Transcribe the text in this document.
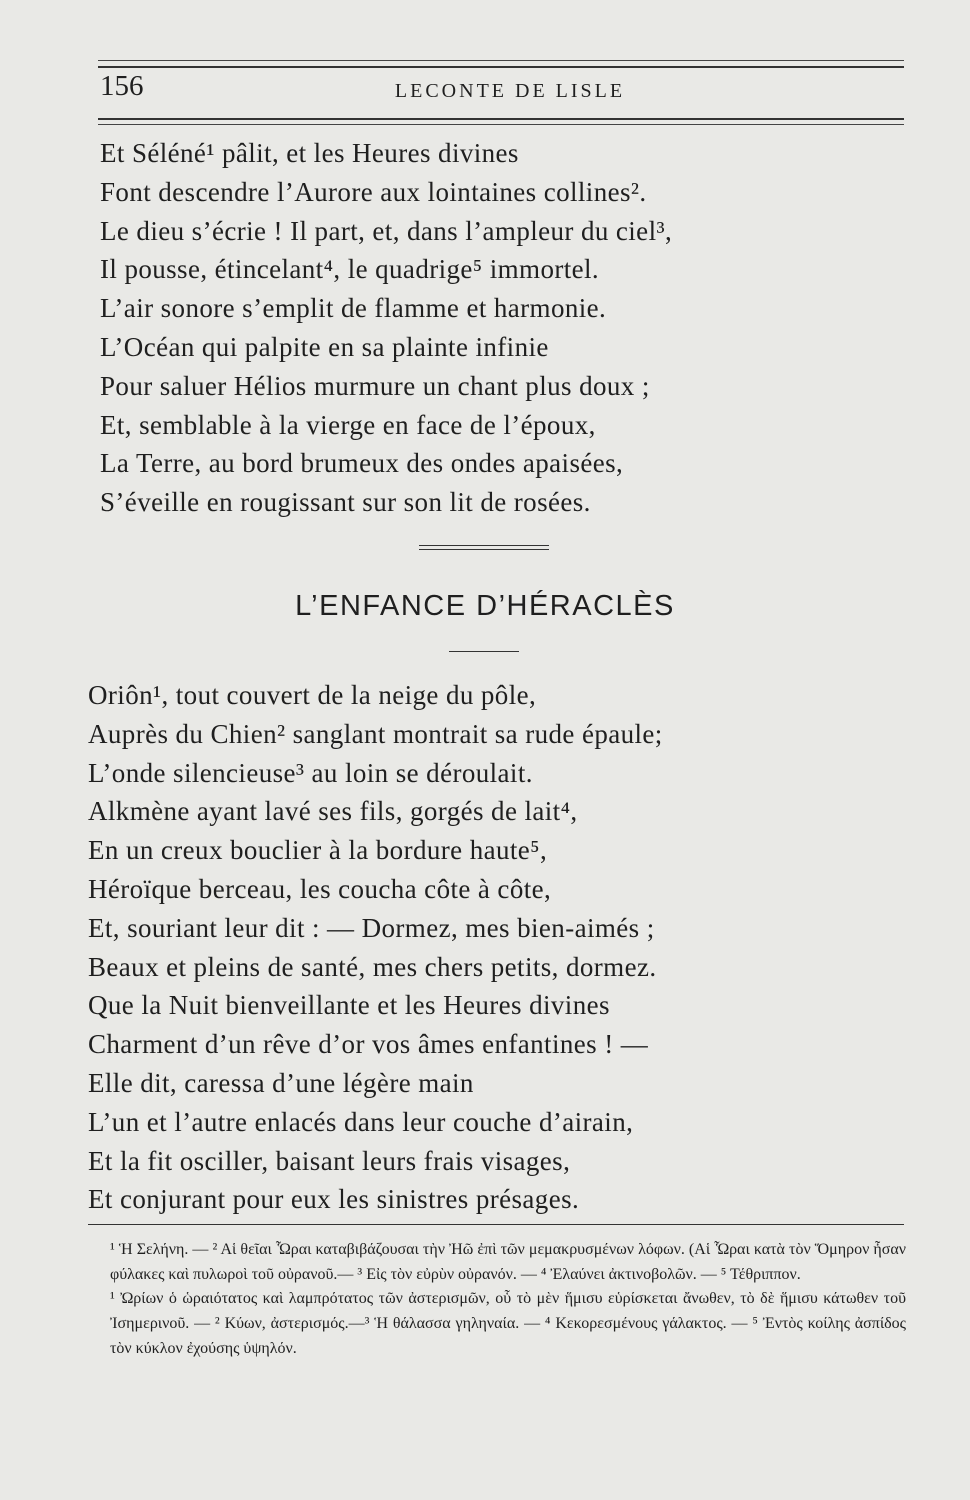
156	LECONTE DE LISLE
Et Séléné¹ pâlit, et les Heures divines
Font descendre l’Aurore aux lointaines collines².
Le dieu s’écrie ! Il part, et, dans l’ampleur du ciel³,
Il pousse, étincelant⁴, le quadrige⁵ immortel.
L’air sonore s’emplit de flamme et harmonie.
L’Océan qui palpite en sa plainte infinie
Pour saluer Hélios murmure un chant plus doux ;
Et, semblable à la vierge en face de l’époux,
La Terre, au bord brumeux des ondes apaisées,
S’éveille en rougissant sur son lit de rosées.
L’ENFANCE D’HÉRACLÈS
Oriôn¹, tout couvert de la neige du pôle,
Auprès du Chien² sanglant montrait sa rude épaule;
L’onde silencieuse³ au loin se déroulait.
Alkmène ayant lavé ses fils, gorgés de lait⁴,
En un creux bouclier à la bordure haute⁵,
Héroïque berceau, les coucha côte à côte,
Et, souriant leur dit : — Dormez, mes bien-aimés ;
Beaux et pleins de santé, mes chers petits, dormez.
Que la Nuit bienveillante et les Heures divines
Charment d’un rêve d’or vos âmes enfantines ! —
Elle dit, caressa d’une légère main
L’un et l’autre enlacés dans leur couche d’airain,
Et la fit osciller, baisant leurs frais visages,
Et conjurant pour eux les sinistres présages.

¹ Ἡ Σελήνη. — ² Αἱ θεῖαι Ὧραι καταβιβάζουσαι τὴν Ἠῶ ἐπὶ τῶν μεμακρυσμένων λόφων. (Αἱ Ὧραι κατὰ τὸν Ὅμηρον ἦσαν φύλακες καὶ πυλωροὶ τοῦ οὐρανοῦ.— ³ Εἰς τὸν εὐρὺν οὐρανόν. — ⁴ Ἐλαύνει ἀκτινοβολῶν. — ⁵ Τέθριππον.

¹ Ὠρίων ὁ ὡραιότατος καὶ λαμπρότατος τῶν ἀστερισμῶν, οὗ τὸ μὲν ἥμισυ εὑρίσκεται ἄνωθεν, τὸ δὲ ἥμισυ κάτωθεν τοῦ Ἰσημερινοῦ. — ² Κύων, ἀστερισμός.—³ Ἡ θάλασσα γηληναία. — ⁴ Κεκορεσμένους γάλακτος. — ⁵ Ἐντὸς κοίλης ἀσπίδος τὸν κύκλον ἐχούσης ὑψηλόν.
